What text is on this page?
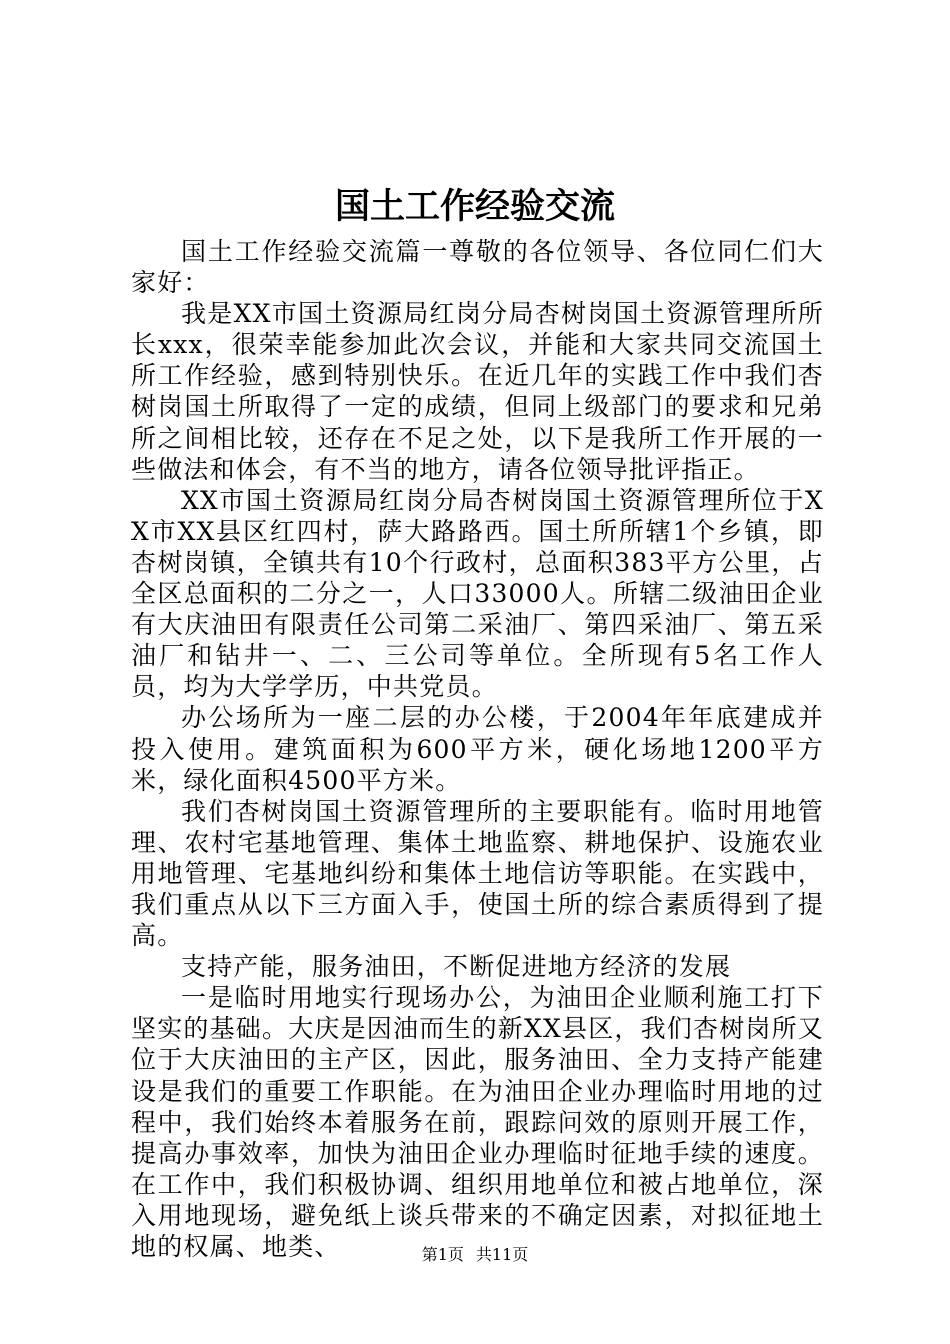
国土工作经验交流

国土工作经验交流篇一尊敬的各位领导、各位同仁们大家好：

我是XX市国土资源局红岗分局杏树岗国土资源管理所所长xxx，很荣幸能参加此次会议，并能和大家共同交流国土所工作经验，感到特别快乐。在近几年的实践工作中我们杏树岗国土所取得了一定的成绩，但同上级部门的要求和兄弟所之间相比较，还存在不足之处，以下是我所工作开展的一些做法和体会，有不当的地方，请各位领导批评指正。

XX市国土资源局红岗分局杏树岗国土资源管理所位于XX市XX县区红四村，萨大路路西。国土所所辖1个乡镇，即杏树岗镇，全镇共有10个行政村，总面积383平方公里，占全区总面积的二分之一，人口33000人。所辖二级油田企业有大庆油田有限责任公司第二采油厂、第四采油厂、第五采油厂和钻井一、二、三公司等单位。全所现有5名工作人员，均为大学学历，中共党员。

办公场所为一座二层的办公楼，于2004年年底建成并投入使用。建筑面积为600平方米，硬化场地1200平方米，绿化面积4500平方米。

我们杏树岗国土资源管理所的主要职能有。临时用地管理、农村宅基地管理、集体土地监察、耕地保护、设施农业用地管理、宅基地纠纷和集体土地信访等职能。在实践中，我们重点从以下三方面入手，使国土所的综合素质得到了提高。

支持产能，服务油田，不断促进地方经济的发展

一是临时用地实行现场办公，为油田企业顺利施工打下坚实的基础。大庆是因油而生的新XX县区，我们杏树岗所又位于大庆油田的主产区，因此，服务油田、全力支持产能建设是我们的重要工作职能。在为油田企业办理临时用地的过程中，我们始终本着服务在前，跟踪问效的原则开展工作，提高办事效率，加快为油田企业办理临时征地手续的速度。在工作中，我们积极协调、组织用地单位和被占地单位，深入用地现场，避免纸上谈兵带来的不确定因素，对拟征地土地的权属、地类、	第1页 共11页
